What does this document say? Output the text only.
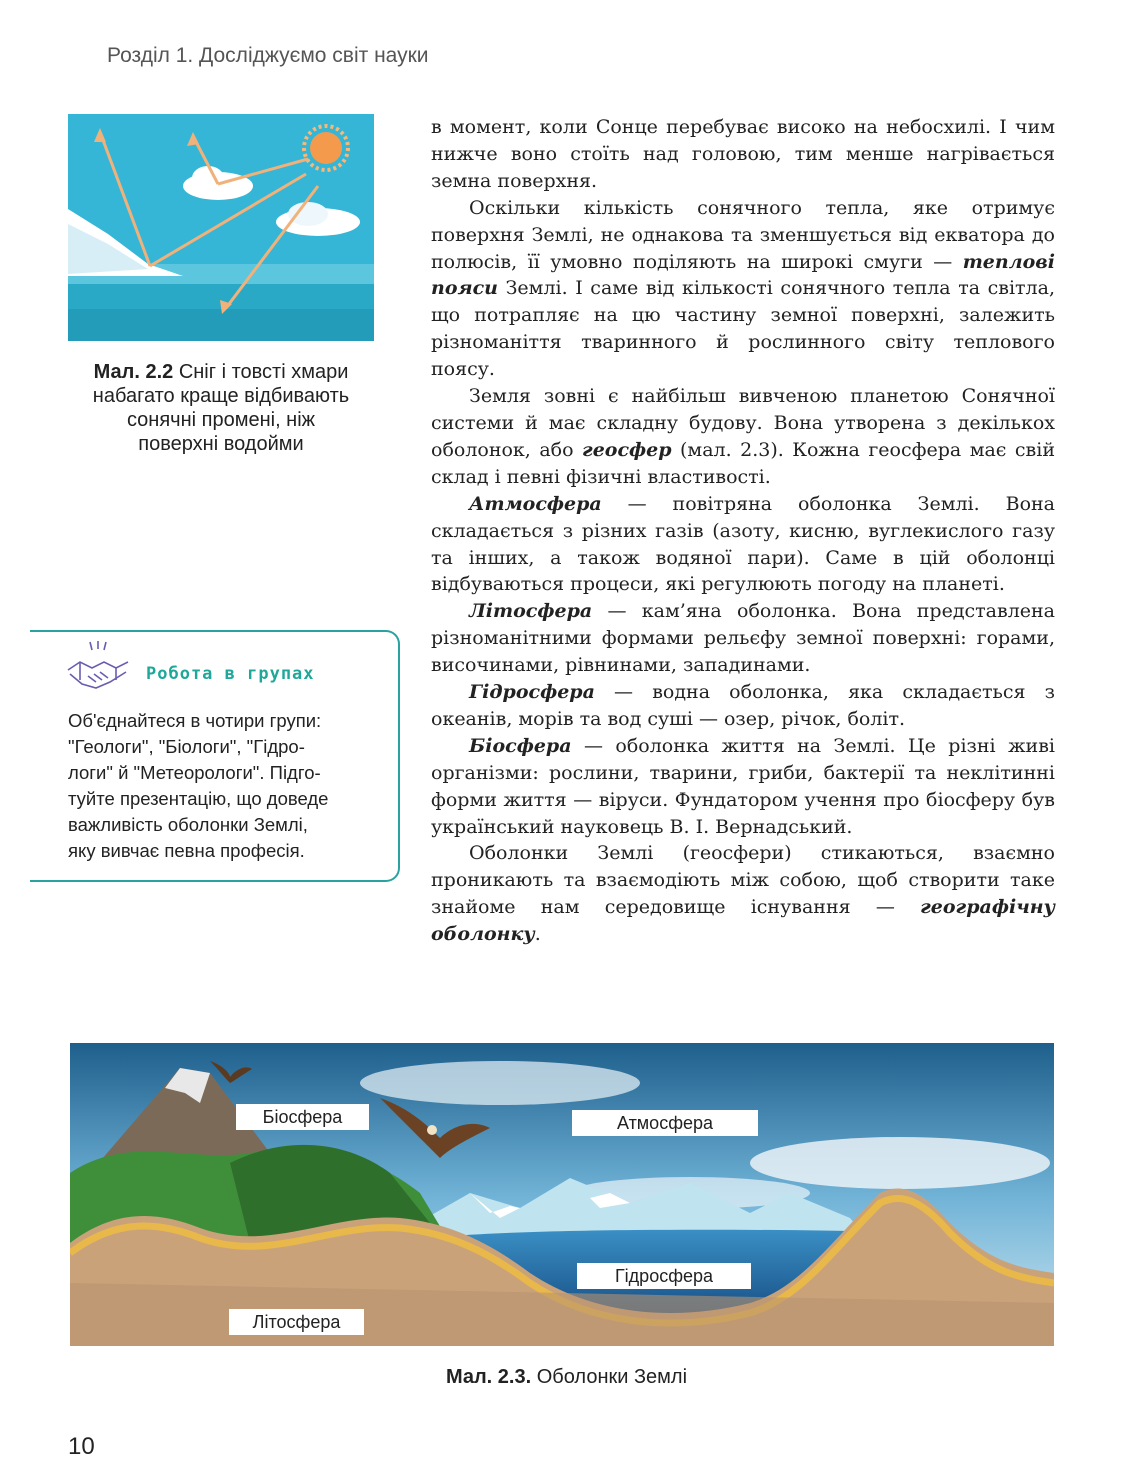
Розділ 1. Досліджуємо світ науки
Мал. 2.2 Сніг і товсті хмари
набагато краще відбивають
сонячні промені, ніж
поверхні водойми
Робота в групах
Об'єднайтеся в чотири групи:
"Геологи", "Біологи", "Гідро-
логи" й "Метеорологи". Підго-
туйте презентацію, що доведе
важливість оболонки Землі,
яку вивчає певна професія.

в момент, коли Сонце перебуває високо на небосхилі. І чим нижче воно стоїть над головою, тим менше нагрівається земна поверхня.

Оскільки кількість сонячного тепла, яке отримує поверхня Землі, не однакова та зменшується від екватора до полюсів, її умовно поділяють на широкі смуги — теплові пояси Землі. І саме від кількості сонячного тепла та світла, що потрапляє на цю частину земної поверхні, залежить різноманіття тваринного й рослинного світу теплового поясу.

Земля зовні є найбільш вивченою планетою Сонячної системи й має складну будову. Вона утворена з декількох оболонок, або геосфер (мал. 2.3). Кожна геосфера має свій склад і певні фізичні властивості.

Атмосфера — повітряна оболонка Землі. Вона складається з різних газів (азоту, кисню, вуглекислого газу та інших, а також водяної пари). Саме в цій оболонці відбуваються процеси, які регулюють погоду на планеті.

Літосфера — кам’яна оболонка. Вона представлена різноманітними формами рельєфу земної поверхні: горами, височинами, рівнинами, западинами.

Гідросфера — водна оболонка, яка складається з океанів, морів та вод суші — озер, річок, боліт.

Біосфера — оболонка життя на Землі. Це різні живі організми: рослини, тварини, гриби, бактерії та неклітинні форми життя — віруси. Фундатором учення про біосферу був український науковець В. І. Вернадський.

Оболонки Землі (геосфери) стикаються, взаємно проникають та взаємодіють між собою, щоб створити таке знайоме нам середовище існування — географічну оболонку.

Біосфера	Атмосфера
Гідросфера
Літосфера
Мал. 2.3. Оболонки Землі
10
